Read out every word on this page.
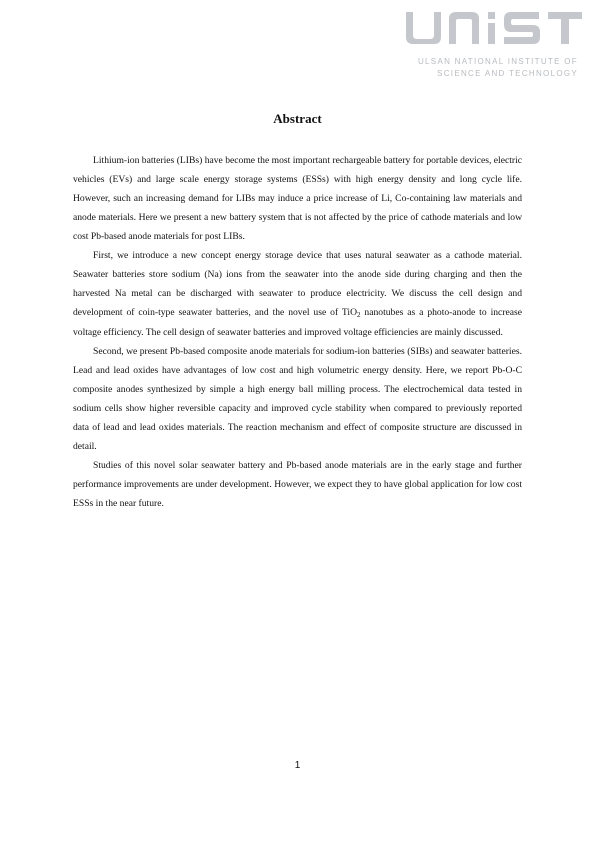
ULSAN NATIONAL INSTITUTE OF
SCIENCE AND TECHNOLOGY
Abstract

Lithium-ion batteries (LIBs) have become the most important rechargeable battery for portable devices, electric vehicles (EVs) and large scale energy storage systems (ESSs) with high energy density and long cycle life. However, such an increasing demand for LIBs may induce a price increase of Li, Co-containing law materials and anode materials. Here we present a new battery system that is not affected by the price of cathode materials and low cost Pb-based anode materials for post LIBs.

First, we introduce a new concept energy storage device that uses natural seawater as a cathode material. Seawater batteries store sodium (Na) ions from the seawater into the anode side during charging and then the harvested Na metal can be discharged with seawater to produce electricity. We discuss the cell design and development of coin-type seawater batteries, and the novel use of TiO$_2$ nanotubes as a photo-anode to increase voltage efficiency. The cell design of seawater batteries and improved voltage efficiencies are mainly discussed.

Second, we present Pb-based composite anode materials for sodium-ion batteries (SIBs) and seawater batteries. Lead and lead oxides have advantages of low cost and high volumetric energy density. Here, we report Pb-O-C composite anodes synthesized by simple a high energy ball milling process. The electrochemical data tested in sodium cells show higher reversible capacity and improved cycle stability when compared to previously reported data of lead and lead oxides materials. The reaction mechanism and effect of composite structure are discussed in detail.

Studies of this novel solar seawater battery and Pb-based anode materials are in the early stage and further performance improvements are under development. However, we expect they to have global application for low cost ESSs in the near future.

1
